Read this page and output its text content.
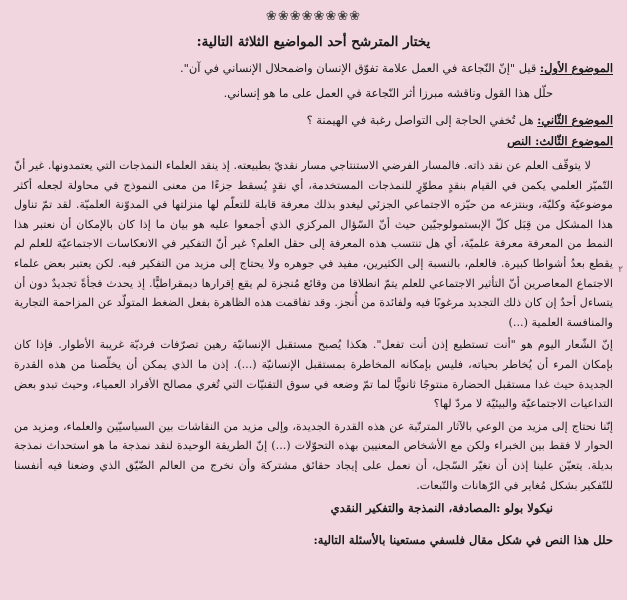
❀❀❀❀❀❀❀❀
يختار المترشح أحد المواضيع الثلاثة التالية:
الموضوع الأول: قيل "إنّ النّجاعة في العمل علامة تفوّق الإنسان واضمحلال الإنساني في آن".
حلّل هذا القول وناقشه مبرزا أثر النّجاعة في العمل على ما هو إنساني.
الموضوع الثّاني: هل تُخفي الحاجة إلى التواصل رغبة في الهيمنة ؟
الموضوع الثّالث: النص

لا يتوقّف العلم عن نقد ذاته. فالمسار الفرضي الاستنتاجي مسار نقديّ بطبيعته. إذ ينقد العلماء النمذجات التي يعتمدونها. غير أنّ التّميّز العلمي يكمن في القيام بنقدٍ مطوّرٍ للنمذجات المستخدمة، أي نقدٍ يُسقط جزءًا من معنى النموذج في محاولة لجعله أكثر موضوعيّة وكليّة، وبنتزعه من حيّزه الاجتماعي الجزئي ليغدو بذلك معرفة قابلة للتعلّم لها منزلتها في المدوّنة العلميّة. لقد تمّ تناول هذا المشكل من قِبَل كلّ الإبستمولوجيّين حيث أنّ السّؤال المركزي الذي أجمعوا عليه هو بيان ما إذا كان بالإمكان أن نعتبر هذا النمط من المعرفة معرفة علميّة، أي هل تنتسب هذه المعرفة إلى حقل العلم؟ غير أنّ التفكير في الانعكاسات الاجتماعيّة للعلم لم يقطع بعدُ أشواطا كبيرة. فالعلم، بالنسبة إلى الكثيرين، مفيد في جوهره ولا يحتاج إلى مزيد من التفكير فيه. لكن يعتبر بعض علماء الاجتماع المعاصرين أنّ التأثير الاجتماعي للعلم يتمّ انطلاقا من وقائع مُنجزة لم يقع إقرارها ديمقراطيًّا. إذ يحدث فجأةً تجديدٌ دون أن يتساءل أحدٌ إن كان ذلك التجديد مرغوبًا فيه ولفائدة من أُنجز. وقد تفاقمت هذه الظاهرة بفعل الضغط المتولّد عن المزاحمة التجارية والمنافسة العلمية (...)

إنّ الشّعار اليوم هو "أنت تستطيع إذن أنت تفعل". هكذا يُصبح مستقبل الإنسانيّة رهين تصرّفات فرديّة غريبة الأطوار. فإذا كان بإمكان المرء أن يُخاطر بحياته، فليس بإمكانه المخاطرة بمستقبل الإنسانيّة (...). إذن ما الذي يمكن أن يخلّصنا من هذه القدرة الجديدة حيث غدا مستقبل الحضارة منتوجًا ثانويًّا لما تمّ وضعه في سوق التقنيّات التي تُغري مصالح الأفراد العمياء، وحيث تبدو بعض التداعيات الاجتماعيّة والبيئيّة لا مردّ لها؟

إنّنا نحتاج إلى مزيد من الوعي بالآثار المترتّبة عن هذه القدرة الجديدة، وإلى مزيد من النقاشات بين السياسيّين والعلماء، ومزيد من الحوار لا فقط بين الخبراء ولكن مع الأشخاص المعنيين بهذه التحوّلات (...) إنّ الطريقة الوحيدة لنقد نمذجة ما هو استحداث نمذجة بديلة. يتعيّن علينا إذن أن نغيّر السّجل، أن نعمل على إيجاد حقائق مشتركة وأن نخرج من العالم الضّيّق الذي وضعنا فيه أنفسنا للتّفكير بشكل مُغاير في الرّهانات والتّبعات.

نيكولا بولو :المصادفة، النمذجة والتفكير النقدي
حلل هذا النص في شكل مقال فلسفي مستعينا بالأسئلة التالية:
٢
